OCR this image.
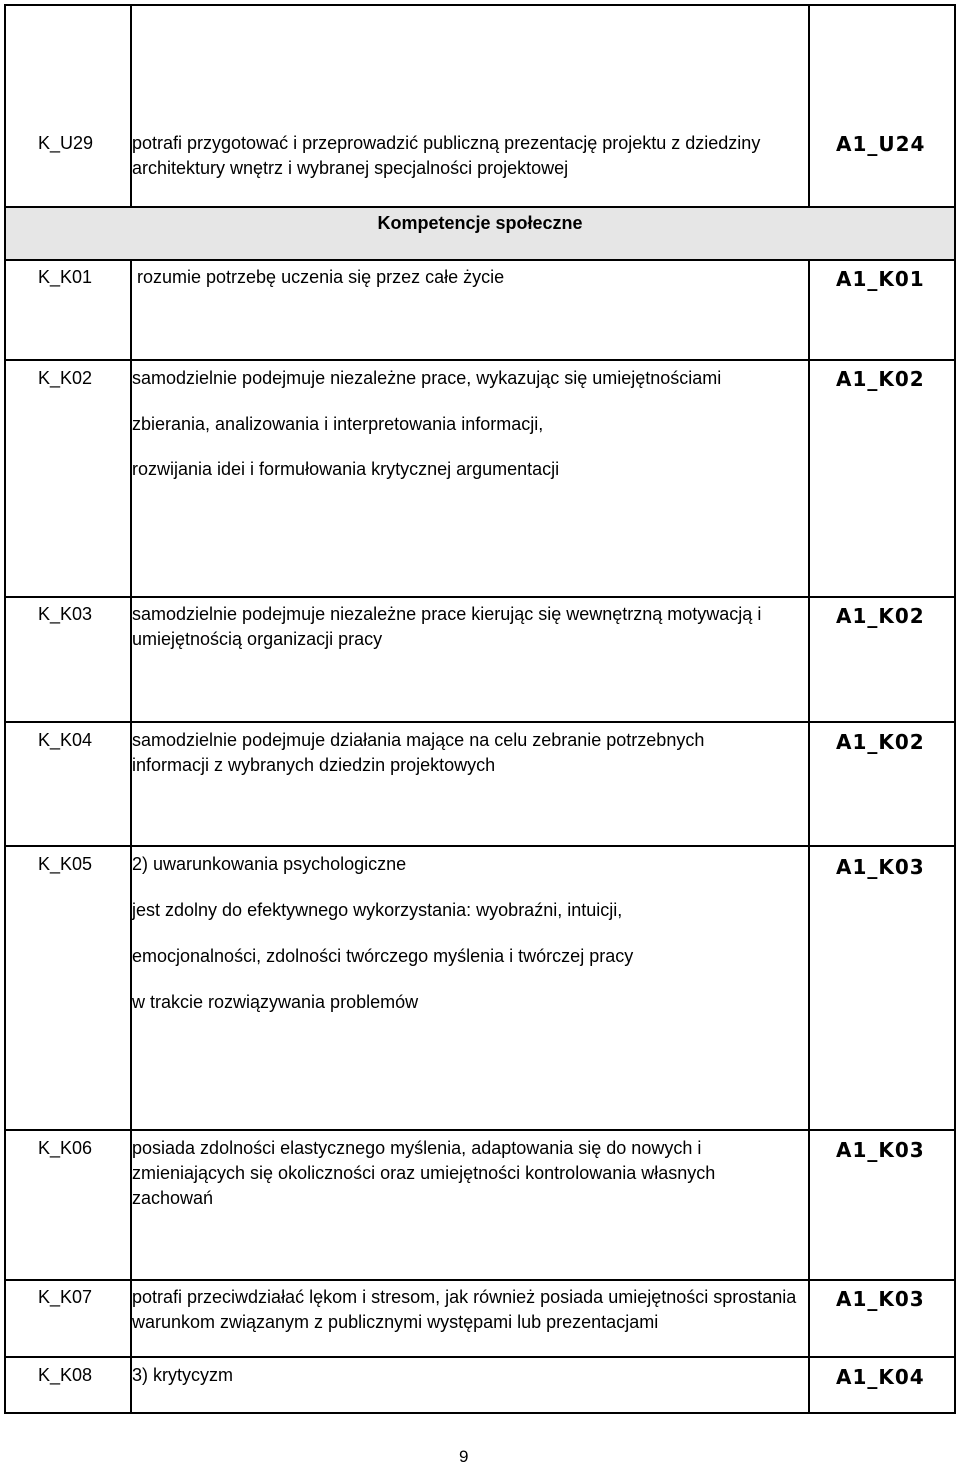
K_U29 potrafi przygotować i przeprowadzić publiczną prezentację projektu z dziedziny architektury wnętrz i wybranej specjalności projektowej
A1_U24
Kompetencje społeczne
K_K01 rozumie potrzebę uczenia się przez całe życie	A1_K01
K_K02 samodzielnie podejmuje niezależne prace, wykazując się umiejętnościami
zbierania, analizowania i interpretowania informacji,
rozwijania idei i formułowania krytycznej argumentacji
A1_K02
K_K03 samodzielnie podejmuje niezależne prace kierując się wewnętrzną motywacją i umiejętnością organizacji pracy
A1_K02
K_K04 samodzielnie podejmuje działania mające na celu zebranie potrzebnych informacji z wybranych dziedzin projektowych
A1_K02
K_K05 2) uwarunkowania psychologiczne
jest zdolny do efektywnego wykorzystania: wyobraźni, intuicji,
emocjonalności, zdolności twórczego myślenia i twórczej pracy
w trakcie rozwiązywania problemów
A1_K03
K_K06 posiada zdolności elastycznego myślenia, adaptowania się do nowych i zmieniających się okoliczności oraz umiejętności kontrolowania własnych zachowań
A1_K03
K_K07 potrafi przeciwdziałać lękom i stresom, jak również posiada umiejętności sprostania warunkom związanym z publicznymi występami lub prezentacjami
A1_K03
K_K08 3) krytycyzm	A1_K04
9
